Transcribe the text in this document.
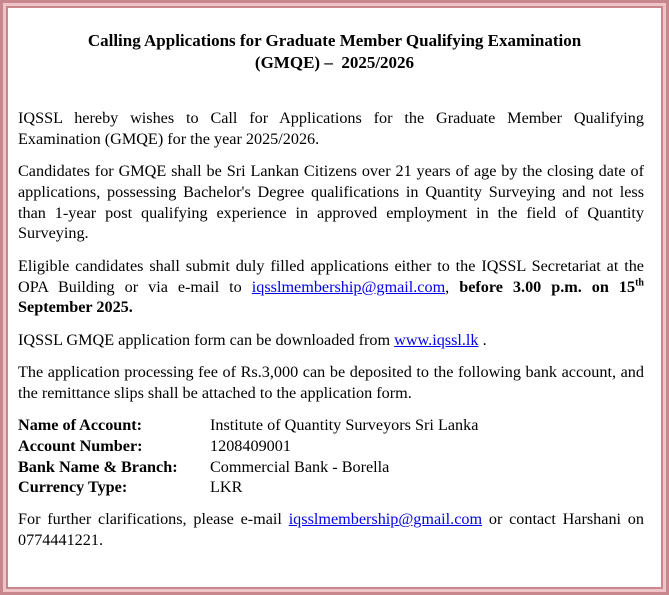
Calling Applications for Graduate Member Qualifying Examination
(GMQE) –  2025/2026

IQSSL hereby wishes to Call for Applications for the Graduate Member Qualifying Examination (GMQE) for the year 2025/2026.

Candidates for GMQE shall be Sri Lankan Citizens over 21 years of age by the closing date of applications, possessing Bachelor's Degree qualifications in Quantity Surveying and not less than 1-year post qualifying experience in approved employment in the field of Quantity Surveying.

Eligible candidates shall submit duly filled applications either to the IQSSL Secretariat at the OPA Building or via e-mail to iqsslmembership@gmail.com, before 3.00 p.m. on 15th September 2025.

IQSSL GMQE application form can be downloaded from www.iqssl.lk .

The application processing fee of Rs.3,000 can be deposited to the following bank account, and the remittance slips shall be attached to the application form.

Name of Account:	Institute of Quantity Surveyors Sri Lanka
Account Number:	1208409001
Bank Name & Branch:	Commercial Bank - Borella
Currency Type:	LKR

For further clarifications, please e-mail iqsslmembership@gmail.com or contact Harshani on 0774441221.
